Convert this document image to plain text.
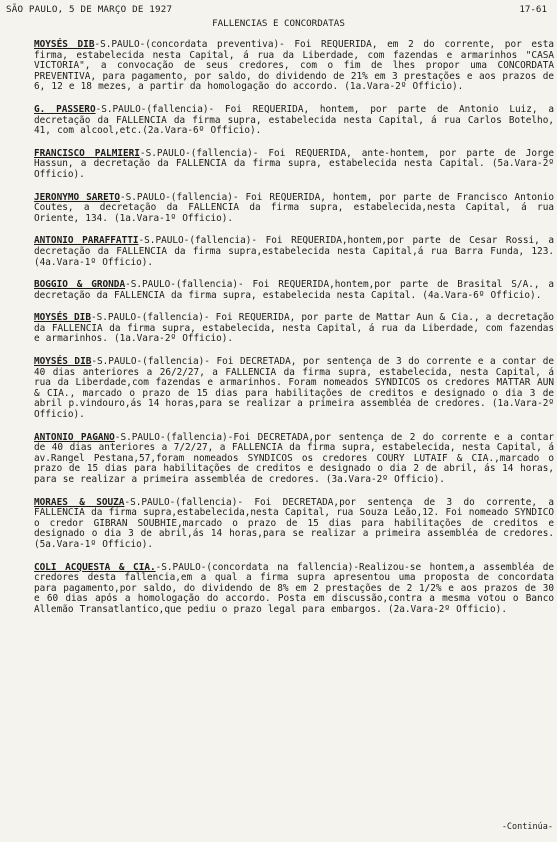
SÃO PAULO, 5 DE MARÇO DE 1927	17-61
FALLENCIAS E CONCORDATAS

MOYSÉS DIB-S.PAULO-(concordata preventiva)- Foi REQUERIDA, em 2 do corrente, por esta firma, estabelecida nesta Capital, á rua da Liberdade, com fazendas e armarinhos "CASA VICTORIA", a convocação de seus credores, com o fim de lhes propor uma CONCORDATA PREVENTIVA, para pagamento, por saldo, do dividendo de 21% em 3 prestações e aos prazos de 6, 12 e 18 mezes, a partir da homologação do accordo. (1a.Vara-2º Officio).

G. PASSERO-S.PAULO-(fallencia)- Foi REQUERIDA, hontem, por parte de Antonio Luiz, a decretação da FALLENCIA da firma supra, estabelecida nesta Capital, á rua Carlos Botelho, 41, com alcool,etc.(2a.Vara-6º Officio).

FRANCISCO PALMIERI-S.PAULO-(fallencia)- Foi REQUERIDA, ante-hontem, por parte de Jorge Hassun, a decretação da FALLENCIA da firma supra, estabelecida nesta Capital. (5a.Vara-2º Officio).

JERONYMO SARETO-S.PAULO-(fallencia)- Foi REQUERIDA, hontem, por parte de Francisco Antonio Coutes, a decretação da FALLENCIA da firma supra, estabelecida,nesta Capital, á rua Oriente, 134. (1a.Vara-1º Officio).

ANTONIO PARAFFATTI-S.PAULO-(fallencia)- Foi REQUERIDA,hontem,por parte de Cesar Rossi, a decretação da FALLENCIA da firma supra,estabelecida nesta Capital,á rua Barra Funda, 123. (4a.Vara-1º Officio).

BOGGIO & GRONDA-S.PAULO-(fallencia)- Foi REQUERIDA,hontem,por parte de Brasital S/A., a decretação da FALLENCIA da firma supra, estabelecida nesta Capital. (4a.Vara-6º Officio).

MOYSÉS DIB-S.PAULO-(fallencia)- Foi REQUERIDA, por parte de Mattar Aun & Cia., a decretação da FALLENCIA da firma supra, estabelecida, nesta Capital, á rua da Liberdade, com fazendas e armarinhos. (1a.Vara-2º Officio).

MOYSÉS DIB-S.PAULO-(fallencia)- Foi DECRETADA, por sentença de 3 do corrente e a contar de 40 dias anteriores a 26/2/27, a FALLENCIA da firma supra, estabelecida, nesta Capital, á rua da Liberdade,com fazendas e armarinhos. Foram nomeados SYNDICOS os credores MATTAR AUN & CIA., marcado o prazo de 15 dias para habilitações de creditos e designado o dia 3 de abril p.vindouro,ás 14 horas,para se realizar a primeira assembléa de credores. (1a.Vara-2º Officio).

ANTONIO PAGANO-S.PAULO-(fallencia)-Foi DECRETADA,por sentença de 2 do corrente e a contar de 40 dias anteriores a 7/2/27, a FALLENCIA da firma supra, estabelecida, nesta Capital, á av.Rangel Pestana,57,foram nomeados SYNDICOS os credores COURY LUTAIF & CIA.,marcado o prazo de 15 dias para habilitações de creditos e designado o dia 2 de abril, ás 14 horas, para se realizar a primeira assembléa de credores. (3a.Vara-2º Officio).

MORAES & SOUZA-S.PAULO-(fallencia)- Foi DECRETADA,por sentença de 3 do corrente, a FALLENCIA da firma supra,estabelecida,nesta Capital, rua Souza Leão,12. Foi nomeado SYNDICO o credor GIBRAN SOUBHIE,marcado o prazo de 15 dias para habilitações de creditos e designado o dia 3 de abril,ás 14 horas,para se realizar a primeira assembléa de credores. (5a.Vara-1º Officio).

COLI ACQUESTA & CIA.-S.PAULO-(concordata na fallencia)-Realizou-se hontem,a assembléa de credores desta fallencia,em a qual a firma supra apresentou uma proposta de concordata para pagamento,por saldo, do dividendo de 8% em 2 prestações de 2 1/2% e aos prazos de 30 e 60 dias após a homologação do accordo. Posta em discussão,contra a mesma votou o Banco Allemão Transatlantico,que pediu o prazo legal para embargos. (2a.Vara-2º Officio).

-Continúa-
